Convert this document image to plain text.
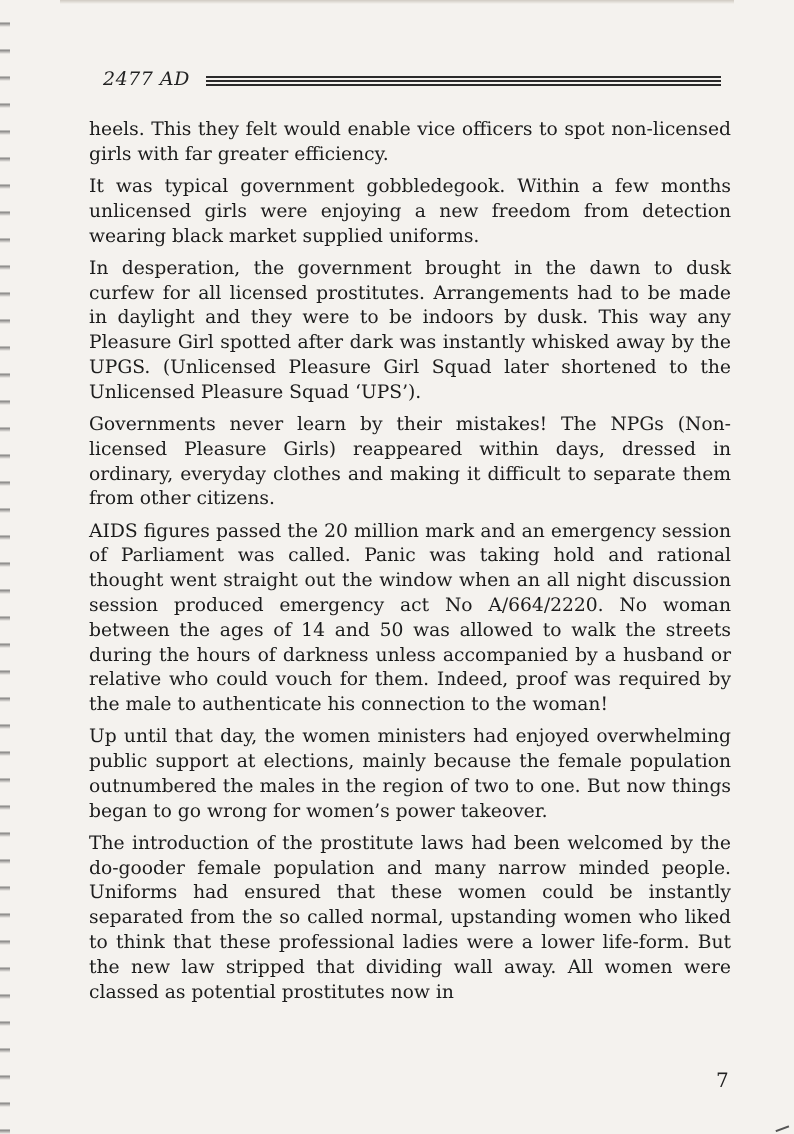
2477 AD

heels. This they felt would enable vice officers to spot non-licensed girls with far greater efficiency.

It was typical government gobbledegook. Within a few months unlicensed girls were enjoying a new freedom from detection wearing black market supplied uniforms.

In desperation, the government brought in the dawn to dusk curfew for all licensed prostitutes. Arrangements had to be made in daylight and they were to be indoors by dusk. This way any Pleasure Girl spotted after dark was instantly whisked away by the UPGS. (Unlicensed Pleasure Girl Squad later shortened to the Unlicensed Pleasure Squad ‘UPS’).

Governments never learn by their mistakes! The NPGs (Non-licensed Pleasure Girls) reappeared within days, dressed in ordinary, everyday clothes and making it difficult to separate them from other citizens.

AIDS figures passed the 20 million mark and an emergency session of Parliament was called. Panic was taking hold and rational thought went straight out the window when an all night discussion session produced emergency act No A/664/2220. No woman between the ages of 14 and 50 was allowed to walk the streets during the hours of darkness unless accompanied by a husband or relative who could vouch for them. Indeed, proof was required by the male to authenticate his connection to the woman!

Up until that day, the women ministers had enjoyed overwhelming public support at elections, mainly because the female population outnumbered the males in the region of two to one. But now things began to go wrong for women’s power takeover.

The introduction of the prostitute laws had been welcomed by the do-gooder female population and many narrow minded people. Uniforms had ensured that these women could be instantly separated from the so called normal, upstanding women who liked to think that these professional ladies were a lower life-form. But the new law stripped that dividing wall away. All women were classed as potential prostitutes now in

7
